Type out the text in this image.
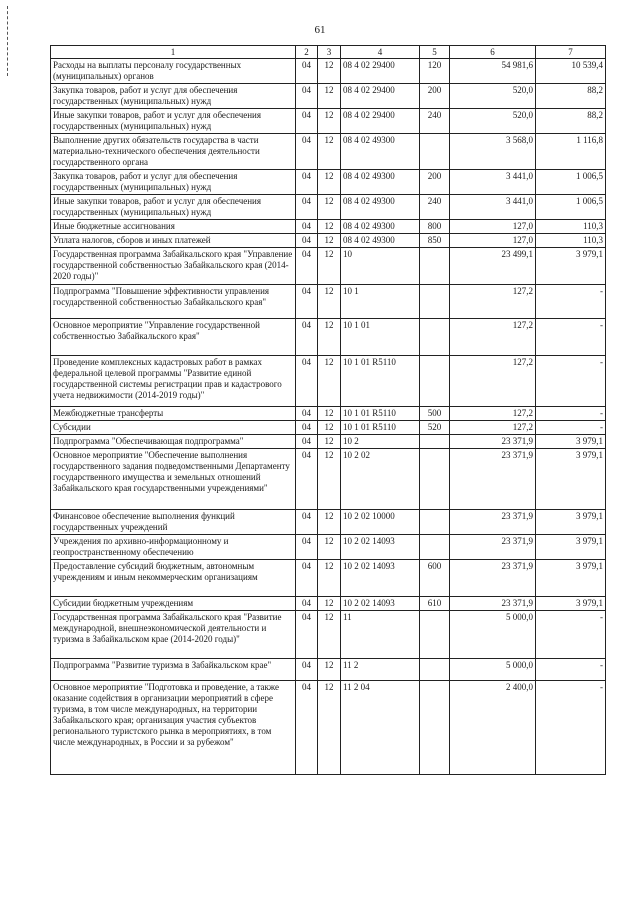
61
1	2	3	4	5	6	7
Расходы на выплаты персоналу государственных (муниципальных) органов	04	12	08 4 02 29400	120	54 981,6	10 539,4
Закупка товаров, работ и услуг для обеспечения государственных (муниципальных) нужд	04	12	08 4 02 29400	200	520,0	88,2
Иные закупки товаров, работ и услуг для обеспечения государственных (муниципальных) нужд	04	12	08 4 02 29400	240	520,0	88,2
Выполнение других обязательств государства в части материально-технического обеспечения деятельности государственного органа	04	12	08 4 02 49300		3 568,0	1 116,8
Закупка товаров, работ и услуг для обеспечения государственных (муниципальных) нужд	04	12	08 4 02 49300	200	3 441,0	1 006,5
Иные закупки товаров, работ и услуг для обеспечения государственных (муниципальных) нужд	04	12	08 4 02 49300	240	3 441,0	1 006,5
Иные бюджетные ассигнования	04	12	08 4 02 49300	800	127,0	110,3
Уплата налогов, сборов и иных платежей	04	12	08 4 02 49300	850	127,0	110,3
Государственная программа Забайкальского края "Управление государственной собственностью Забайкальского края (2014-2020 годы)"	04	12	10		23 499,1	3 979,1
Подпрограмма "Повышение эффективности управления государственной собственностью Забайкальского края"	04	12	10 1		127,2	-
Основное мероприятие "Управление государственной собственностью Забайкальского края"	04	12	10 1 01		127,2	-
Проведение комплексных кадастровых работ в рамках федеральной целевой программы "Развитие единой государственной системы регистрации прав и кадастрового учета недвижимости (2014-2019 годы)"	04	12	10 1 01 R5110		127,2	-
Межбюджетные трансферты	04	12	10 1 01 R5110	500	127,2	-
Субсидии	04	12	10 1 01 R5110	520	127,2	-
Подпрограмма "Обеспечивающая подпрограмма"	04	12	10 2		23 371,9	3 979,1
Основное мероприятие "Обеспечение выполнения государственного задания подведомственными Департаменту государственного имущества и земельных отношений Забайкальского края государственными учреждениями"	04	12	10 2 02		23 371,9	3 979,1
Финансовое обеспечение выполнения функций государственных учреждений	04	12	10 2 02 10000		23 371,9	3 979,1
Учреждения по архивно-информационному и геопространственному обеспечению	04	12	10 2 02 14093		23 371,9	3 979,1
Предоставление субсидий бюджетным, автономным учреждениям и иным некоммерческим организациям	04	12	10 2 02 14093	600	23 371,9	3 979,1
Субсидии бюджетным учреждениям	04	12	10 2 02 14093	610	23 371,9	3 979,1
Государственная программа Забайкальского края "Развитие международной, внешнеэкономической деятельности и туризма в Забайкальском крае (2014-2020 годы)"	04	12	11		5 000,0	-
Подпрограмма "Развитие туризма в Забайкальском крае"	04	12	11 2		5 000,0	-
Основное мероприятие "Подготовка и проведение, а также оказание содействия в организации мероприятий в сфере туризма, в том числе международных, на территории Забайкальского края; организация участия субъектов регионального туристского рынка в мероприятиях, в том числе международных, в России и за рубежом"	04	12	11 2 04		2 400,0	-
